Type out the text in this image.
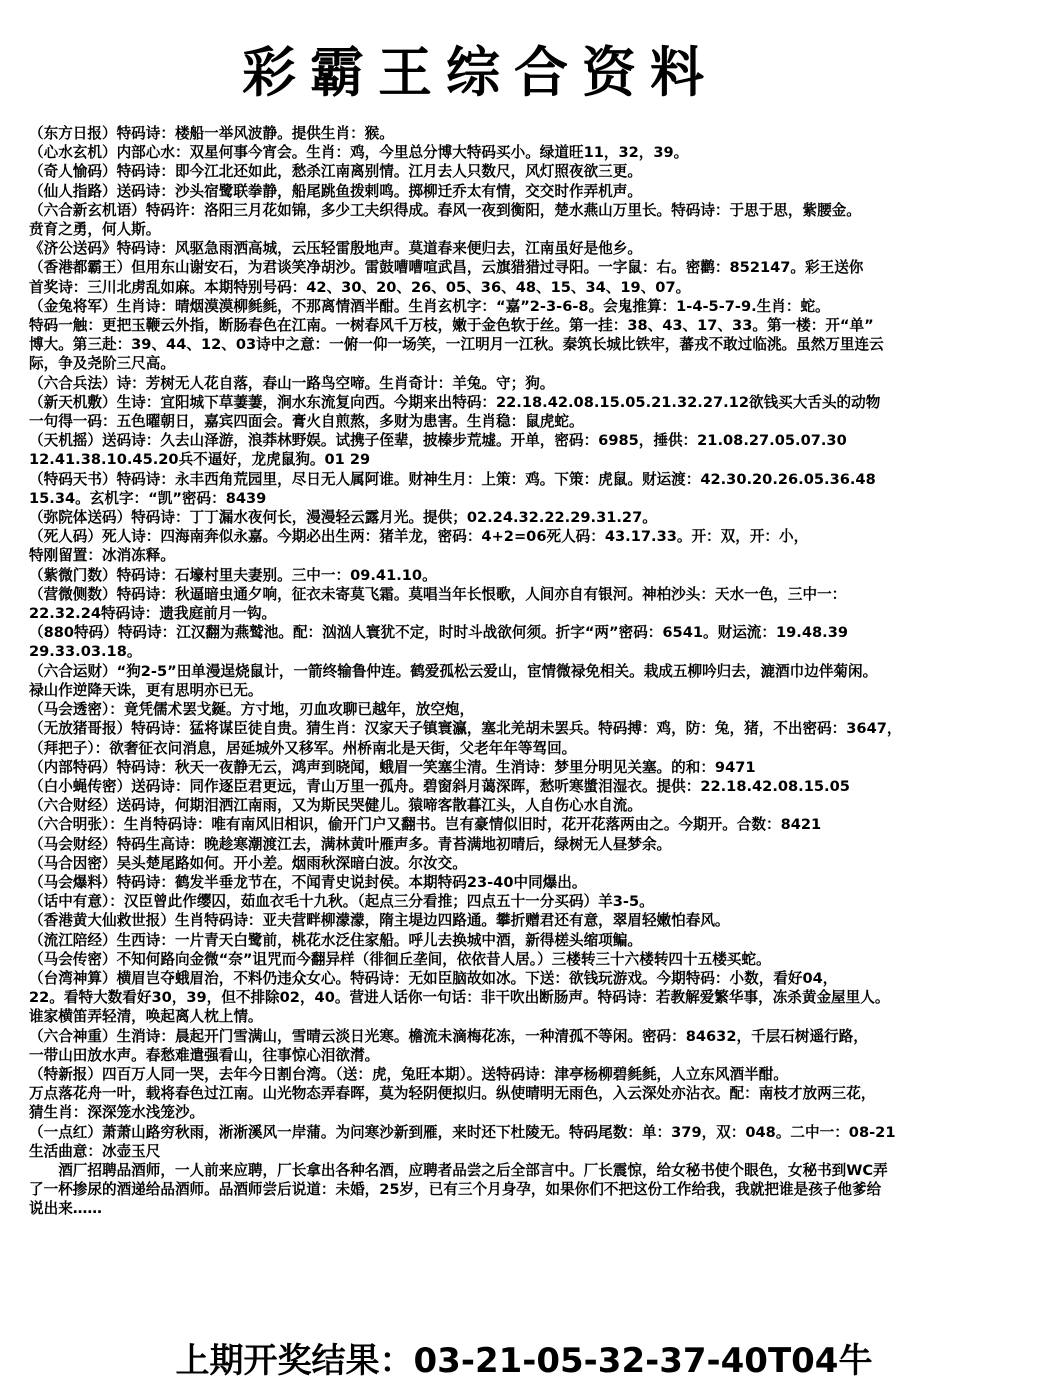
彩霸王综合资料
（东方日报）特码诗：楼船一举风波静。提供生肖：猴。
（心水玄机）内部心水：双星何事今宵会。生肖：鸡，今里总分博大特码买小。绿道旺11，32，39。
（奇人愉码）特码诗：即今江北还如此，愁杀江南离别情。江月去人只数尺，风灯照夜欲三更。
（仙人指路）送码诗：沙头宿鹭联拳静，船尾跳鱼拨剌鸣。掷柳迁乔太有情，交交时作弄机声。
（六合新玄机语）特码许：洛阳三月花如锦，多少工夫织得成。春风一夜到衡阳，楚水燕山万里长。特码诗：于思于思，紫腰金。
贲育之勇，何人斯。
《济公送码》特码诗：风驱急雨洒高城，云压轻雷殷地声。莫道春来便归去，江南虽好是他乡。
（香港都霸王）但用东山谢安石，为君谈笑净胡沙。雷鼓嘈嘈喧武昌，云旗猎猎过寻阳。一字鼠：右。密鹳：852147。彩王送你
首奖诗：三川北虏乱如麻。本期特别号码：42、30、20、26、05、36、48、15、34、19、07。
（金兔将军）生肖诗：晴烟漠漠柳毵毵，不那离情酒半酣。生肖玄机字：“嘉”2-3-6-8。会鬼推算：1-4-5-7-9.生肖：蛇。
特码一触：更把玉鞭云外指，断肠春色在江南。一树春风千万枝，嫩于金色软于丝。第一挂：38、43、17、33。第一楼：开“单”
博大。第三赴：39、44、12、03诗中之意：一俯一仰一场笑，一江明月一江秋。秦筑长城比铁牢，蕃戎不敢过临洮。虽然万里连云
际，争及尧阶三尺高。
（六合兵法）诗：芳树无人花自落，春山一路鸟空啼。生肖奇计：羊兔。守；狗。
（新天机敷）生诗：宜阳城下草萋萋，涧水东流复向西。今期来出特码：22.18.42.08.15.05.21.32.27.12欲钱买大舌头的动物
一句得一码：五色曜朝日，嘉宾四面会。膏火自煎熬，多财为患害。生肖稳：鼠虎蛇。
（天机摇）送码诗：久去山泽游，浪莽林野娱。试携子侄辈，披榛步荒墟。开单，密码：6985，捶供：21.08.27.05.07.30
12.41.38.10.45.20兵不逼好，龙虎鼠狗。01 29
（特码天书）特码诗：永丰西角荒园里，尽日无人属阿谁。财神生月：上策：鸡。下策：虎鼠。财运渡：42.30.20.26.05.36.48
15.34。玄机字：“凯”密码：8439
（弥院体送码）特码诗：丁丁漏水夜何长，漫漫轻云露月光。提供；02.24.32.22.29.31.27。
（死人码）死人诗：四海南奔似永嘉。今期必出生两：猪羊龙，密码：4+2=06死人码：43.17.33。开：双，开：小，
特刚留置：冰消冻释。
（紫微门数）特码诗：石壕村里夫妻别。三中一：09.41.10。
（营微侧数）特码诗：秋逼暗虫通夕响，征衣未寄莫飞霜。莫唱当年长恨歌，人间亦自有银河。神柏沙头：天水一色，三中一：
22.32.24特码诗：遗我庭前月一钩。
（880特码）特码诗：江汉翻为燕鹫池。配：汹汹人寰犹不定，时时斗战欲何须。折字“两”密码：6541。财运流：19.48.39
29.33.03.18。
（六合运财）“狗2-5”田单漫逞烧鼠计，一箭终输鲁仲连。鹤爱孤松云爱山，宦情微禄免相关。栽成五柳吟归去，漉酒巾边伴菊闲。
禄山作逆降天诛，更有思明亦已无。
（马会透密）：竟凭儒术罢戈鋋。方寸地，刃血攻聊已越年，放空炮，
（无放猪哥报）特码诗：猛将谋臣徒自贵。猜生肖：汉家天子镇寰瀛，塞北羌胡未罢兵。特码搏：鸡，防：兔，猪，不出密码：3647，
（拜把子）：欲奢征衣问消息，居延城外又移军。州桥南北是天街，父老年年等驾回。
（内部特码）特码诗：秋天一夜静无云，鸿声到晓闻，蛾眉一笑塞尘清。生消诗：梦里分明见关塞。的和：9471
（白小蝇传密）送码诗：同作逐臣君更远，青山万里一孤舟。碧窗斜月蔼深晖，愁听寒螿泪湿衣。提供：22.18.42.08.15.05
（六合财经）送码诗，何期泪洒江南雨，又为斯民哭健儿。猿啼客散暮江头，人自伤心水自流。
（六合明张）：生肖特码诗：唯有南风旧相识，偷开门户又翻书。岂有豪情似旧时，花开花落两由之。今期开。合数：8421
（马会财经）特码生高诗：晚趁寒潮渡江去，满林黄叶雁声多。青苔满地初晴后，绿树无人昼梦余。
（马合因密）吴头楚尾路如何。开小差。烟雨秋深暗白波。尔汝交。
（马会爆料）特码诗：鹤发半垂龙节在，不闻青史说封侯。本期特码23-40中同爆出。
（话中有意）：汉臣曾此作缨囚，茹血衣毛十九秋。（起点三分看推；四点五十一分买码）羊3-5。
（香港黄大仙救世报）生肖特码诗：亚夫营畔柳濛濛，隋主堤边四路通。攀折赠君还有意，翠眉轻嫩怕春风。
（流江陪经）生西诗：一片青天白鹭前，桃花水泛住家船。呼儿去换城中酒，新得槎头缩项鳊。
（马会传密）不知何路向金微“奈”诅咒而今翻异样（徘徊丘垄间，依依昔人居。）三楼转三十六楼转四十五楼买蛇。
（台湾神算）横眉岂夺蛾眉治，不料仍违众女心。特码诗：无如臣脑故如冰。下送：欲钱玩游戏。今期特码：小数，看好04，
22。看特大数看好30，39，但不排除02，40。营进人话你一句话：非干吹出断肠声。特码诗：若教解爱繁华事，冻杀黄金屋里人。
谁家横笛弄轻清，唤起离人枕上情。
（六合神重）生消诗：晨起开门雪满山，雪晴云淡日光寒。檐流未滴梅花冻，一种清孤不等闲。密码：84632，千层石树遥行路，
一带山田放水声。春愁难遣强看山，往事惊心泪欲潸。
（特新报）四百万人同一哭，去年今日割台湾。（送：虎，兔旺本期）。送特码诗：津亭杨柳碧毵毵，人立东风酒半酣。
万点落花舟一叶，载将春色过江南。山光物态弄春晖，莫为轻阴便拟归。纵使晴明无雨色，入云深处亦沾衣。配：南枝才放两三花，
猜生肖：深深笼水浅笼沙。
（一点红）萧萧山路穷秋雨，淅淅溪风一岸蒲。为问寒沙新到雁，来时还下杜陵无。特码尾数：单：379，双：048。二中一：08-21
生活曲意：冰壶玉尺
　　酒厂招聘品酒师，一人前来应聘，厂长拿出各种名酒，应聘者品尝之后全部言中。厂长震惊，给女秘书使个眼色，女秘书到WC弄
了一杯掺尿的酒递给品酒师。品酒师尝后说道：未婚，25岁，已有三个月身孕，如果你们不把这份工作给我，我就把谁是孩子他爹给
说出来……
上期开奖结果：03-21-05-32-37-40T04牛
